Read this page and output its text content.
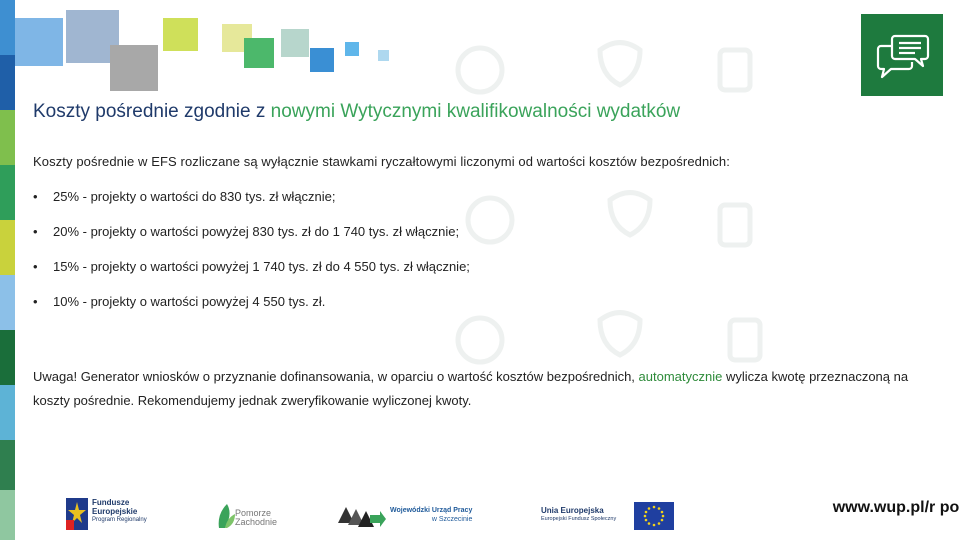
Koszty pośrednie zgodnie z nowymi Wytycznymi kwalifikowalności wydatków
Koszty pośrednie w EFS rozliczane są wyłącznie stawkami ryczałtowymi liczonymi od wartości kosztów bezpośrednich:
• 25% - projekty o wartości do 830 tys. zł włącznie;
• 20% - projekty o wartości powyżej 830 tys. zł do 1 740 tys. zł włącznie;
• 15% - projekty o wartości powyżej 1 740 tys. zł do 4 550 tys. zł włącznie;
• 10% - projekty o wartości powyżej 4 550 tys. zł.
Uwaga! Generator wniosków o przyznanie dofinansowania, w oparciu o wartość kosztów bezpośrednich, automatycznie wylicza kwotę przeznaczoną na koszty pośrednie. Rekomendujemy jednak zweryfikowanie wyliczonej kwoty.
Fundusze
Europejskie
Program Regionalny
Pomorze
Zachodnie
Wojewódzki Urząd Pracy
w Szczecinie
Unia Europejska
Europejski Fundusz Społeczny
www.wup.pl/r po
